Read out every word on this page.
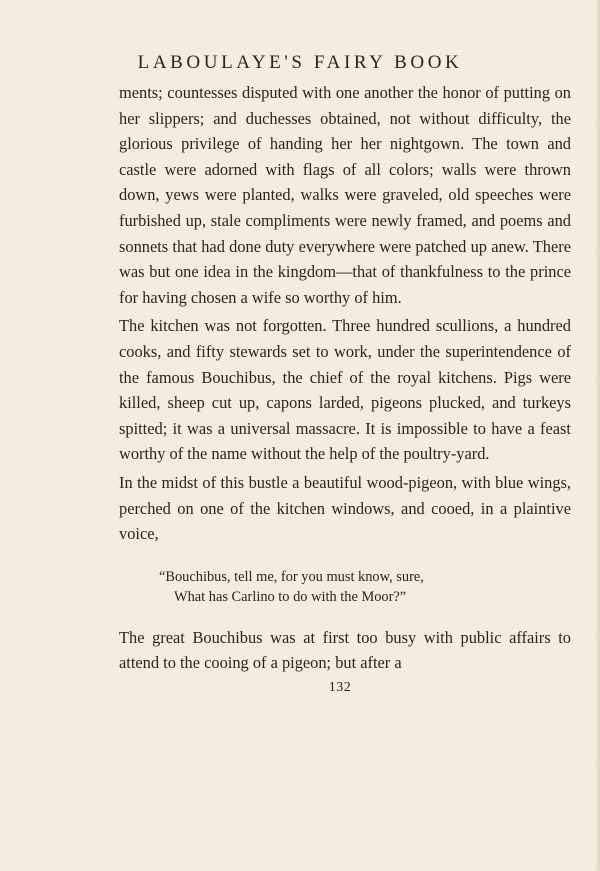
LABOULAYE'S FAIRY BOOK

ments; countesses disputed with one another the honor of putting on her slippers; and duchesses obtained, not without difficulty, the glorious privilege of handing her her nightgown. The town and castle were adorned with flags of all colors; walls were thrown down, yews were planted, walks were graveled, old speeches were furbished up, stale compliments were newly framed, and poems and sonnets that had done duty everywhere were patched up anew. There was but one idea in the kingdom—that of thankfulness to the prince for having chosen a wife so worthy of him.

The kitchen was not forgotten. Three hundred scullions, a hundred cooks, and fifty stewards set to work, under the superintendence of the famous Bouchibus, the chief of the royal kitchens. Pigs were killed, sheep cut up, capons larded, pigeons plucked, and turkeys spitted; it was a universal massacre. It is impossible to have a feast worthy of the name without the help of the poultry-yard.

In the midst of this bustle a beautiful wood-pigeon, with blue wings, perched on one of the kitchen windows, and cooed, in a plaintive voice,

“Bouchibus, tell me, for you must know, sure,
What has Carlino to do with the Moor?”

The great Bouchibus was at first too busy with public affairs to attend to the cooing of a pigeon; but after a

132
